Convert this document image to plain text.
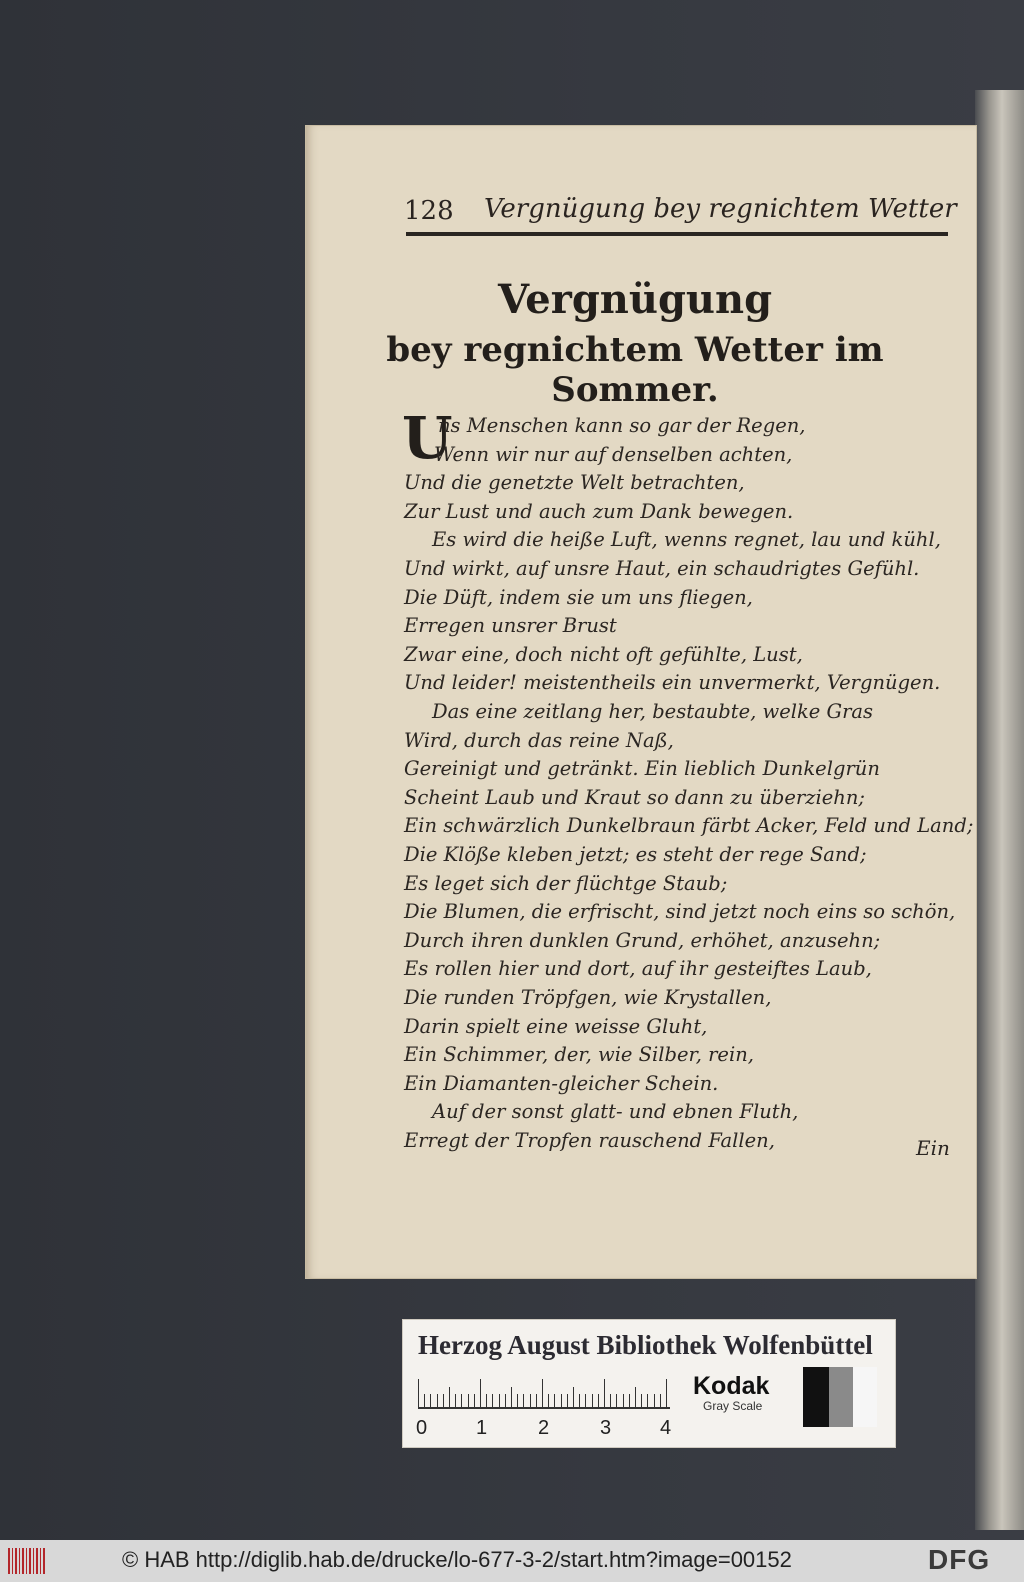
128 Vergnügung bey regnichtem Wetter
Vergnügung
bey regnichtem Wetter im Sommer.
U
ns Menschen kann so gar der Regen,
Wenn wir nur auf denselben achten,
Und die genetzte Welt betrachten,
Zur Lust und auch zum Dank bewegen.
Es wird die heiße Luft, wenns regnet, lau und kühl,
Und wirkt, auf unsre Haut, ein schaudrigtes Gefühl.
Die Düft, indem sie um uns fliegen,
Erregen unsrer Brust
Zwar eine, doch nicht oft gefühlte, Lust,
Und leider! meistentheils ein unvermerkt, Vergnügen.
Das eine zeitlang her, bestaubte, welke Gras
Wird, durch das reine Naß,
Gereinigt und getränkt. Ein lieblich Dunkelgrün
Scheint Laub und Kraut so dann zu überziehn;
Ein schwärzlich Dunkelbraun färbt Acker, Feld und Land;
Die Klöße kleben jetzt; es steht der rege Sand;
Es leget sich der flüchtge Staub;
Die Blumen, die erfrischt, sind jetzt noch eins so schön,
Durch ihren dunklen Grund, erhöhet, anzusehn;
Es rollen hier und dort, auf ihr gesteiftes Laub,
Die runden Tröpfgen, wie Krystallen,
Darin spielt eine weisse Gluht,
Ein Schimmer, der, wie Silber, rein,
Ein Diamanten-gleicher Schein.
Auf der sonst glatt- und ebnen Fluth,
Erregt der Tropfen rauschend Fallen,	Ein
Herzog August Bibliothek Wolfenbüttel
0 1	2	3 4
Kodak
Gray Scale
© HAB http://diglib.hab.de/drucke/lo-677-3-2/start.htm?image=00152	DFG
